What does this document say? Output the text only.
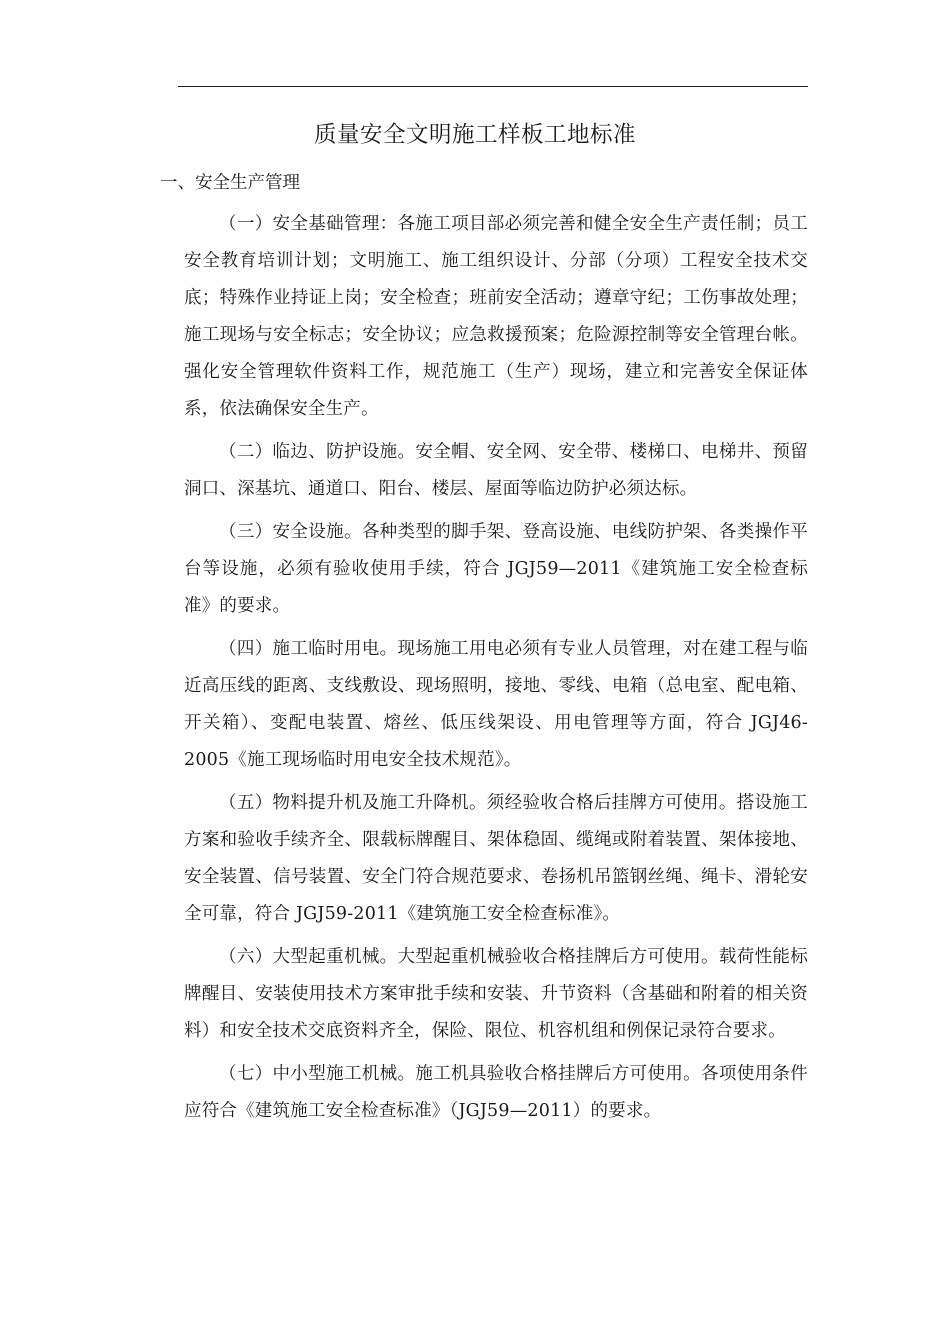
质量安全文明施工样板工地标准
一、安全生产管理

（一）安全基础管理：各施工项目部必须完善和健全安全生产责任制；员工安全教育培训计划；文明施工、施工组织设计、分部（分项）工程安全技术交底；特殊作业持证上岗；安全检查；班前安全活动；遵章守纪；工伤事故处理；施工现场与安全标志；安全协议；应急救援预案；危险源控制等安全管理台帐。强化安全管理软件资料工作，规范施工（生产）现场，建立和完善安全保证体系，依法确保安全生产。

（二）临边、防护设施。安全帽、安全网、安全带、楼梯口、电梯井、预留洞口、深基坑、通道口、阳台、楼层、屋面等临边防护必须达标。

（三）安全设施。各种类型的脚手架、登高设施、电线防护架、各类操作平台等设施，必须有验收使用手续，符合 JGJ59—2011《建筑施工安全检查标准》的要求。

（四）施工临时用电。现场施工用电必须有专业人员管理，对在建工程与临近高压线的距离、支线敷设、现场照明，接地、零线、电箱（总电室、配电箱、开关箱）、变配电装置、熔丝、低压线架设、用电管理等方面，符合 JGJ46-2005《施工现场临时用电安全技术规范》。

（五）物料提升机及施工升降机。须经验收合格后挂牌方可使用。搭设施工方案和验收手续齐全、限载标牌醒目、架体稳固、缆绳或附着装置、架体接地、安全装置、信号装置、安全门符合规范要求、卷扬机吊篮钢丝绳、绳卡、滑轮安全可靠，符合 JGJ59-2011《建筑施工安全检查标准》。

（六）大型起重机械。大型起重机械验收合格挂牌后方可使用。载荷性能标牌醒目、安装使用技术方案审批手续和安装、升节资料（含基础和附着的相关资料）和安全技术交底资料齐全，保险、限位、机容机组和例保记录符合要求。

（七）中小型施工机械。施工机具验收合格挂牌后方可使用。各项使用条件应符合《建筑施工安全检查标准》（JGJ59—2011）的要求。
